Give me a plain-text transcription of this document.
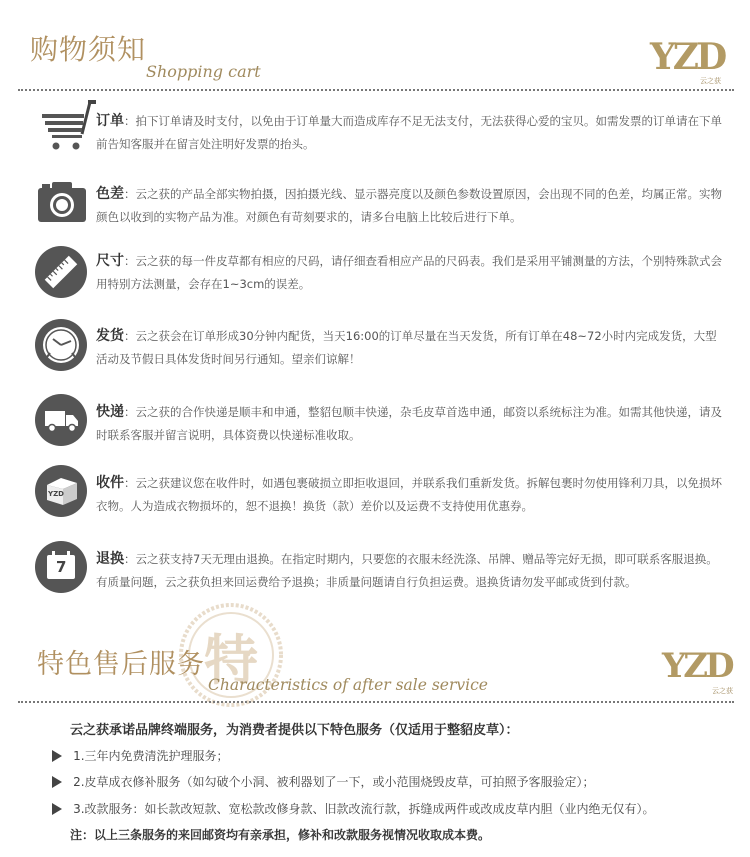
购物须知
Shopping cart	YZD
云之获
订单：拍下订单请及时支付，以免由于订单量大而造成库存不足无法支付，无法获得心爱的宝贝。如需发票的订单请在下单前告知客服并在留言处注明好发票的抬头。
色差：云之获的产品全部实物拍摄，因拍摄光线、显示器亮度以及颜色参数设置原因，会出现不同的色差，均属正常。实物颜色以收到的实物产品为准。对颜色有苛刻要求的，请多台电脑上比较后进行下单。
尺寸：云之获的每一件皮草都有相应的尺码，请仔细查看相应产品的尺码表。我们是采用平铺测量的方法，个别特殊款式会用特别方法测量，会存在1~3cm的误差。
发货：云之获会在订单形成30分钟内配货，当天16:00的订单尽量在当天发货，所有订单在48~72小时内完成发货，大型活动及节假日具体发货时间另行通知。望亲们谅解！
快递：云之获的合作快递是顺丰和申通，整貂包顺丰快递，杂毛皮草首选申通，邮资以系统标注为准。如需其他快递，请及时联系客服并留言说明，具体资费以快递标准收取。
YZD
收件：云之获建议您在收件时，如遇包裹破损立即拒收退回，并联系我们重新发货。拆解包裹时勿使用锋利刀具，以免损坏衣物。人为造成衣物损坏的，恕不退换！换货（款）差价以及运费不支持使用优惠券。
7 退换：云之获支持7天无理由退换。在指定时期内，只要您的衣服未经洗涤、吊牌、赠品等完好无损，即可联系客服退换。有质量问题，云之获负担来回运费给予退换；非质量问题请自行负担运费。退换货请勿发平邮或货到付款。
特
特色售后服务
Characteristics of after sale service	YZD
云之获
云之获承诺品牌终端服务，为消费者提供以下特色服务（仅适用于整貂皮草）：
1.三年内免费清洗护理服务；
2.皮草成衣修补服务（如勾破个小洞、被利器划了一下，或小范围烧毁皮草，可拍照予客服验定）；
3.改款服务：如长款改短款、宽松款改修身款、旧款改流行款，拆缝成两件或改成皮草内胆（业内绝无仅有）。
注：以上三条服务的来回邮资均有亲承担，修补和改款服务视情况收取成本费。
